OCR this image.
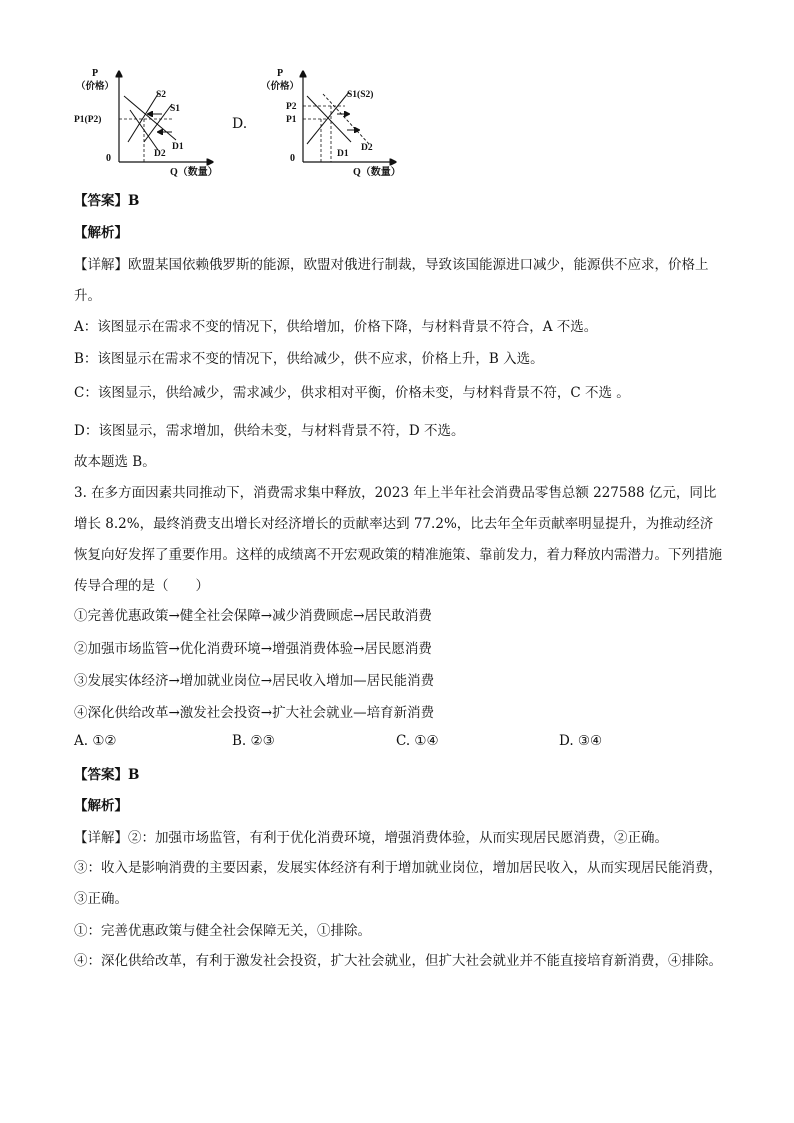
P
（价格）
0
Q（数量）
P1(P2)
S2
S1
D1
D2
D.
P
（价格）
0
Q（数量）
P2
P1
S1(S2)
D1
D2
【答案】B
【解析】
【详解】欧盟某国依赖俄罗斯的能源，欧盟对俄进行制裁，导致该国能源进口减少，能源供不应求，价格上升。
A：该图显示在需求不变的情况下，供给增加，价格下降，与材料背景不符合，A 不选。
B：该图显示在需求不变的情况下，供给减少，供不应求，价格上升，B 入选。
C：该图显示，供给减少，需求减少，供求相对平衡，价格未变，与材料背景不符，C 不选 。
D：该图显示，需求增加，供给未变，与材料背景不符，D 不选。
故本题选 B。
3. 在多方面因素共同推动下，消费需求集中释放，2023 年上半年社会消费品零售总额 227588 亿元，同比增长 8.2%，最终消费支出增长对经济增长的贡献率达到 77.2%，比去年全年贡献率明显提升，为推动经济恢复向好发挥了重要作用。这样的成绩离不开宏观政策的精准施策、靠前发力，着力释放内需潜力。下列措施传导合理的是（　　）
①完善优惠政策→健全社会保障→减少消费顾虑→居民敢消费
②加强市场监管→优化消费环境→增强消费体验→居民愿消费
③发展实体经济→增加就业岗位→居民收入增加—居民能消费
④深化供给改革→激发社会投资→扩大社会就业—培育新消费
A. ①②	B. ②③	C. ①④	D. ③④
【答案】B
【解析】
【详解】②：加强市场监管，有利于优化消费环境，增强消费体验，从而实现居民愿消费，②正确。
③：收入是影响消费的主要因素，发展实体经济有利于增加就业岗位，增加居民收入，从而实现居民能消费，③正确。
①：完善优惠政策与健全社会保障无关，①排除。
④：深化供给改革，有利于激发社会投资，扩大社会就业，但扩大社会就业并不能直接培育新消费，④排除。
